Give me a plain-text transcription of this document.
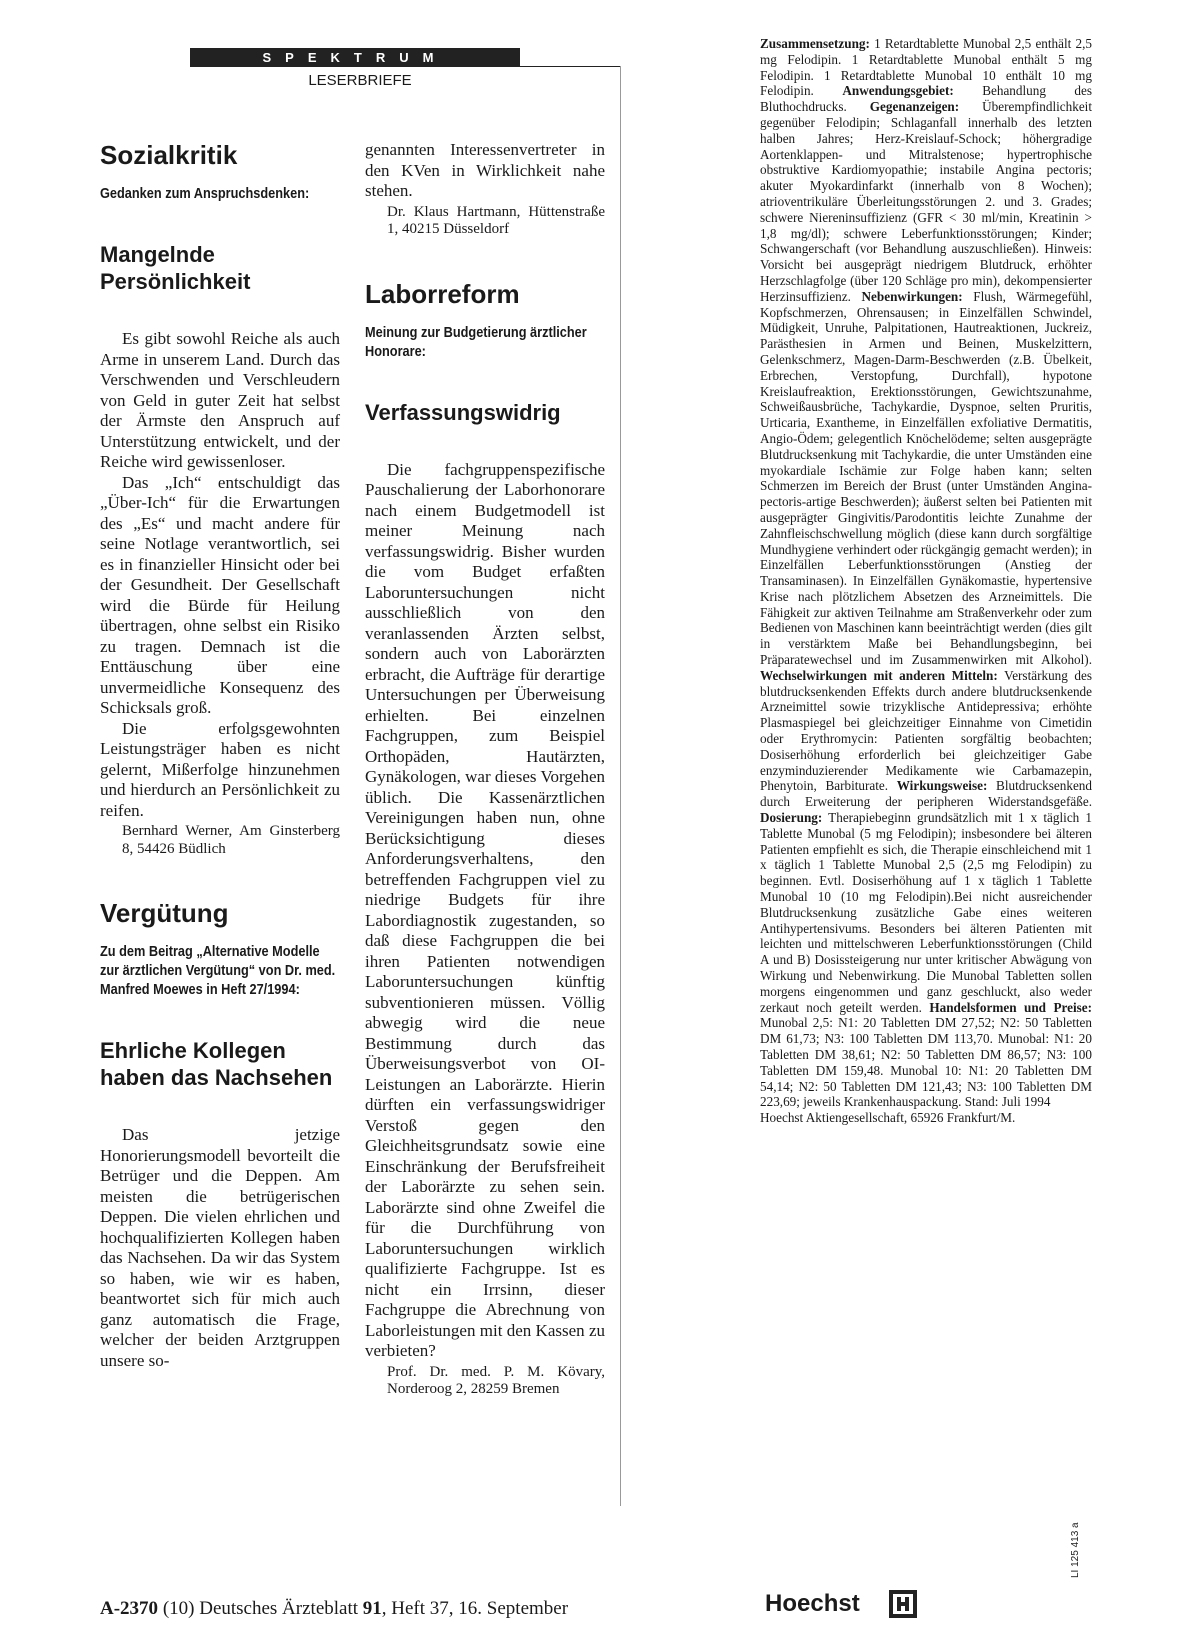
SPEKTRUM
LESERBRIEFE
Sozialkritik
Gedanken zum Anspruchsdenken:
Mangelnde Persönlichkeit

Es gibt sowohl Reiche als auch Arme in unserem Land. Durch das Verschwenden und Verschleudern von Geld in guter Zeit hat selbst der Ärmste den Anspruch auf Unterstützung entwickelt, und der Reiche wird gewissenloser.

Das „Ich“ entschuldigt das „Über-Ich“ für die Erwartungen des „Es“ und macht andere für seine Notlage verantwortlich, sei es in finanzieller Hinsicht oder bei der Gesundheit. Der Gesellschaft wird die Bürde für Heilung übertragen, ohne selbst ein Risiko zu tragen. Demnach ist die Enttäuschung über eine unvermeidliche Konsequenz des Schicksals groß.

Die erfolgsgewohnten Leistungsträger haben es nicht gelernt, Mißerfolge hinzunehmen und hierdurch an Persönlichkeit zu reifen.

Bernhard Werner, Am Ginsterberg 8, 54426 Büdlich

Vergütung
Zu dem Beitrag „Alternative Modelle zur ärztlichen Vergütung“ von Dr. med. Manfred Moewes in Heft 27/1994:
Ehrliche Kollegen haben das Nachsehen

Das jetzige Honorierungsmodell bevorteilt die Betrüger und die Deppen. Am meisten die betrügerischen Deppen. Die vielen ehrlichen und hochqualifizierten Kollegen haben das Nachsehen. Da wir das System so haben, wie wir es haben, beantwortet sich für mich auch ganz automatisch die Frage, welcher der beiden Arztgruppen unsere so-

genannten Interessenvertreter in den KVen in Wirklichkeit nahe stehen.

Dr. Klaus Hartmann, Hüttenstraße 1, 40215 Düsseldorf

Laborreform
Meinung zur Budgetierung ärztlicher Honorare:
Verfassungswidrig

Die fachgruppenspezifische Pauschalierung der Laborhonorare nach einem Budgetmodell ist meiner Meinung nach verfassungswidrig. Bisher wurden die vom Budget erfaßten Laboruntersuchungen nicht ausschließlich von den veranlassenden Ärzten selbst, sondern auch von Laborärzten erbracht, die Aufträge für derartige Untersuchungen per Überweisung erhielten. Bei einzelnen Fachgruppen, zum Beispiel Orthopäden, Hautärzten, Gynäkologen, war dieses Vorgehen üblich. Die Kassenärztlichen Vereinigungen haben nun, ohne Berücksichtigung dieses Anforderungsverhaltens, den betreffenden Fachgruppen viel zu niedrige Budgets für ihre Labordiagnostik zugestanden, so daß diese Fachgruppen die bei ihren Patienten notwendigen Laboruntersuchungen künftig subventionieren müssen. Völlig abwegig wird die neue Bestimmung durch das Überweisungsverbot von OI-Leistungen an Laborärzte. Hierin dürften ein verfassungswidriger Verstoß gegen den Gleichheitsgrundsatz sowie eine Einschränkung der Berufsfreiheit der Laborärzte zu sehen sein. Laborärzte sind ohne Zweifel die für die Durchführung von Laboruntersuchungen wirklich qualifizierte Fachgruppe. Ist es nicht ein Irrsinn, dieser Fachgruppe die Abrechnung von Laborleistungen mit den Kassen zu verbieten?

Prof. Dr. med. P. M. Kövary, Norderoog 2, 28259 Bremen

Zusammensetzung: 1 Retardtablette Munobal 2,5 enthält 2,5 mg Felodipin. 1 Retardtablette Munobal enthält 5 mg Felodipin. 1 Retardtablette Munobal 10 enthält 10 mg Felodipin. Anwendungsgebiet: Behandlung des Bluthochdrucks. Gegenanzeigen: Überempfindlichkeit gegenüber Felodipin; Schlaganfall innerhalb des letzten halben Jahres; Herz-Kreislauf-Schock; höhergradige Aortenklappen- und Mitralstenose; hypertrophische obstruktive Kardiomyopathie; instabile Angina pectoris; akuter Myokardinfarkt (innerhalb von 8 Wochen); atrioventrikuläre Überleitungsstörungen 2. und 3. Grades; schwere Niereninsuffizienz (GFR < 30 ml/min, Kreatinin > 1,8 mg/dl); schwere Leberfunktionsstörungen; Kinder; Schwangerschaft (vor Behandlung auszuschließen). Hinweis: Vorsicht bei ausgeprägt niedrigem Blutdruck, erhöhter Herzschlagfolge (über 120 Schläge pro min), dekompensierter Herzinsuffizienz. Nebenwirkungen: Flush, Wärmegefühl, Kopfschmerzen, Ohrensausen; in Einzelfällen Schwindel, Müdigkeit, Unruhe, Palpitationen, Hautreaktionen, Juckreiz, Parästhesien in Armen und Beinen, Muskelzittern, Gelenkschmerz, Magen-Darm-Beschwerden (z.B. Übelkeit, Erbrechen, Verstopfung, Durchfall), hypotone Kreislaufreaktion, Erektionsstörungen, Gewichtszunahme, Schweißausbrüche, Tachykardie, Dyspnoe, selten Pruritis, Urticaria, Exantheme, in Einzelfällen exfoliative Dermatitis, Angio-Ödem; gelegentlich Knöchelödeme; selten ausgeprägte Blutdrucksenkung mit Tachykardie, die unter Umständen eine myokardiale Ischämie zur Folge haben kann; selten Schmerzen im Bereich der Brust (unter Umständen Angina-pectoris-artige Beschwerden); äußerst selten bei Patienten mit ausgeprägter Gingivitis/Parodontitis leichte Zunahme der Zahnfleischschwellung möglich (diese kann durch sorgfältige Mundhygiene verhindert oder rückgängig gemacht werden); in Einzelfällen Leberfunktionsstörungen (Anstieg der Transaminasen). In Einzelfällen Gynäkomastie, hypertensive Krise nach plötzlichem Absetzen des Arzneimittels. Die Fähigkeit zur aktiven Teilnahme am Straßenverkehr oder zum Bedienen von Maschinen kann beeinträchtigt werden (dies gilt in verstärktem Maße bei Behandlungsbeginn, bei Präparatewechsel und im Zusammenwirken mit Alkohol). Wechselwirkungen mit anderen Mitteln: Verstärkung des blutdrucksenkenden Effekts durch andere blutdrucksenkende Arzneimittel sowie trizyklische Antidepressiva; erhöhte Plasmaspiegel bei gleichzeitiger Einnahme von Cimetidin oder Erythromycin: Patienten sorgfältig beobachten; Dosiserhöhung erforderlich bei gleichzeitiger Gabe enzyminduzierender Medikamente wie Carbamazepin, Phenytoin, Barbiturate. Wirkungsweise: Blutdrucksenkend durch Erweiterung der peripheren Widerstandsgefäße. Dosierung: Therapiebeginn grundsätzlich mit 1 x täglich 1 Tablette Munobal (5 mg Felodipin); insbesondere bei älteren Patienten empfiehlt es sich, die Therapie einschleichend mit 1 x täglich 1 Tablette Munobal 2,5 (2,5 mg Felodipin) zu beginnen. Evtl. Dosiserhöhung auf 1 x täglich 1 Tablette Munobal 10 (10 mg Felodipin).Bei nicht ausreichender Blutdrucksenkung zusätzliche Gabe eines weiteren Antihypertensivums. Besonders bei älteren Patienten mit leichten und mittelschweren Leberfunktionsstörungen (Child A und B) Dosissteigerung nur unter kritischer Abwägung von Wirkung und Nebenwirkung. Die Munobal Tabletten sollen morgens eingenommen und ganz geschluckt, also weder zerkaut noch geteilt werden. Handelsformen und Preise: Munobal 2,5: N1: 20 Tabletten DM 27,52; N2: 50 Tabletten DM 61,73; N3: 100 Tabletten DM 113,70. Munobal: N1: 20 Tabletten DM 38,61; N2: 50 Tabletten DM 86,57; N3: 100 Tabletten DM 159,48. Munobal 10: N1: 20 Tabletten DM 54,14; N2: 50 Tabletten DM 121,43; N3: 100 Tabletten DM 223,69; jeweils Krankenhauspackung. Stand: Juli 1994

Hoechst Aktiengesellschaft, 65926 Frankfurt/M.

A-2370 (10) Deutsches Ärzteblatt 91, Heft 37, 16. September	Hoechst
LI 125 413 a
